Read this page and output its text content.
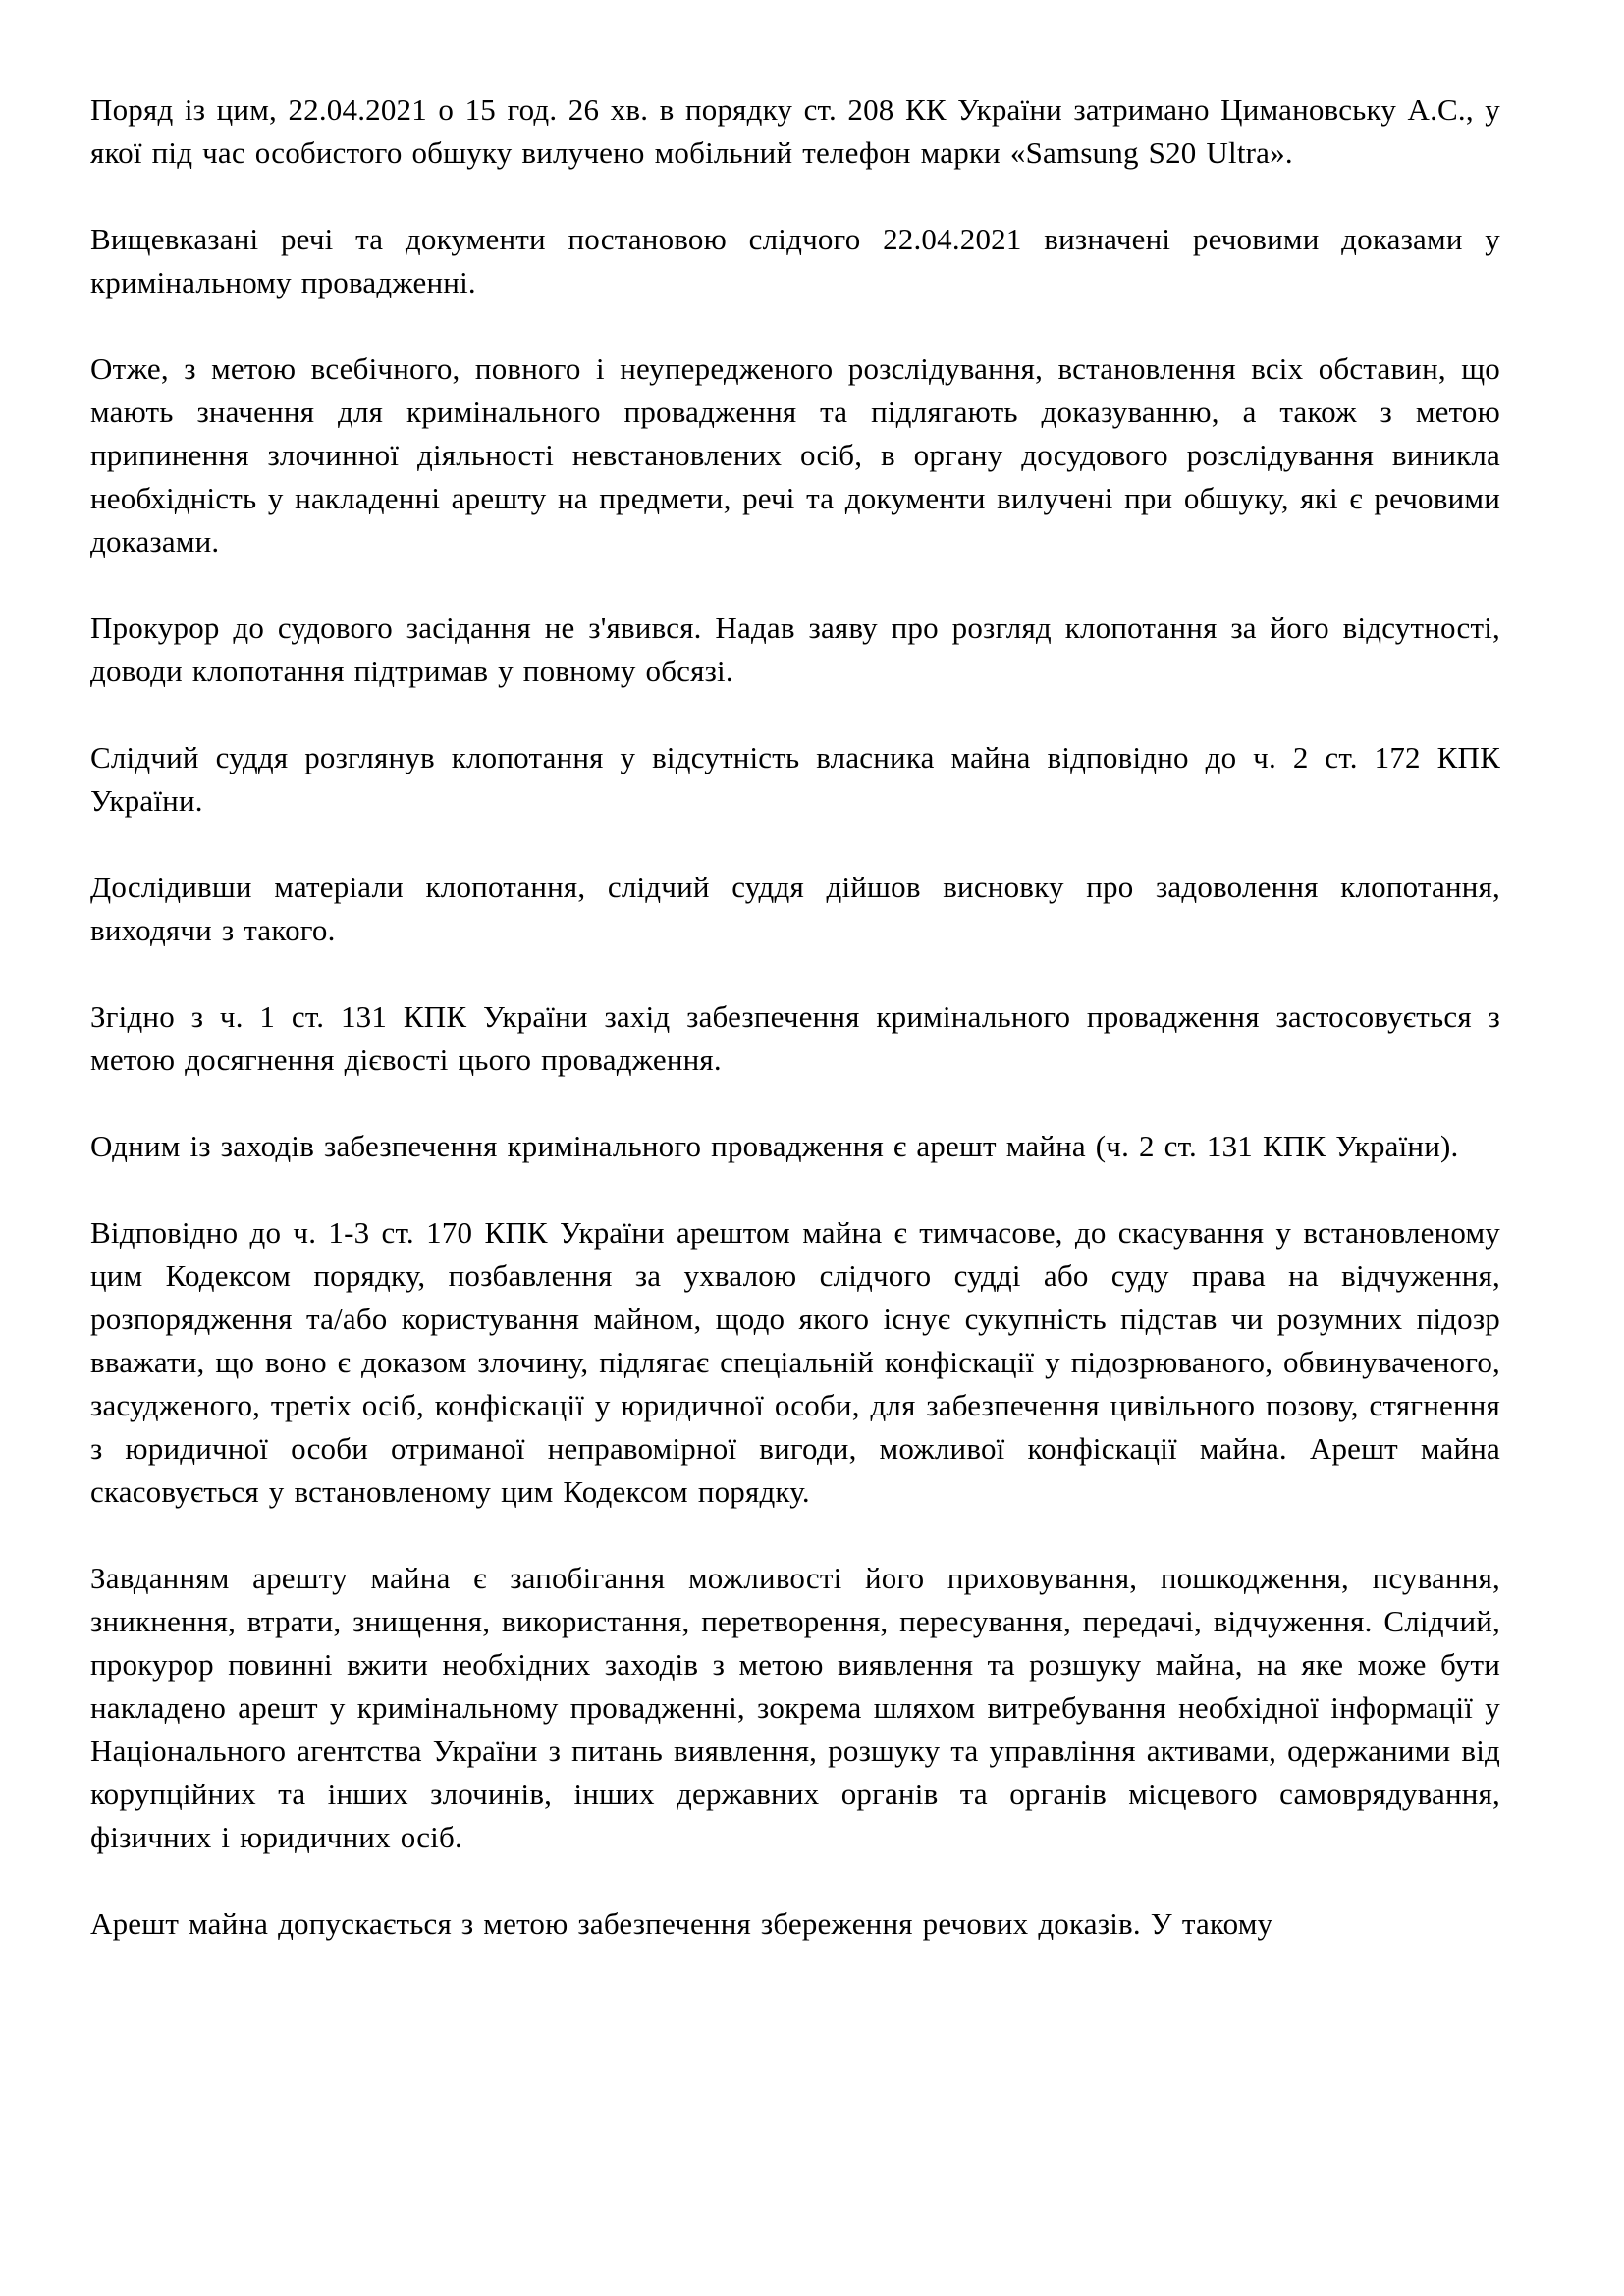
Поряд із цим, 22.04.2021 о 15 год. 26 хв. в порядку ст. 208 КК України затримано Цимановську А.С., у якої під час особистого обшуку вилучено мобільний телефон марки «Samsung S20 Ultra».

Вищевказані речі та документи постановою слідчого 22.04.2021 визначені речовими доказами у кримінальному провадженні.

Отже, з метою всебічного, повного і неупередженого розслідування, встановлення всіх обставин, що мають значення для кримінального провадження та підлягають доказуванню, а також з метою припинення злочинної діяльності невстановлених осіб, в органу досудового розслідування виникла необхідність у накладенні арешту на предмети, речі та документи вилучені при обшуку, які є речовими доказами.

Прокурор до судового засідання не з'явився. Надав заяву про розгляд клопотання за його відсутності, доводи клопотання підтримав у повному обсязі.

Слідчий суддя розглянув клопотання у відсутність власника майна відповідно до ч. 2 ст. 172 КПК України.

Дослідивши матеріали клопотання, слідчий суддя дійшов висновку про задоволення клопотання, виходячи з такого.

Згідно з ч. 1 ст. 131 КПК України захід забезпечення кримінального провадження застосовується з метою досягнення дієвості цього провадження.

Одним із заходів забезпечення кримінального провадження є арешт майна (ч. 2 ст. 131 КПК України).

Відповідно до ч. 1-3 ст. 170 КПК України арештом майна є тимчасове, до скасування у встановленому цим Кодексом порядку, позбавлення за ухвалою слідчого судді або суду права на відчуження, розпорядження та/або користування майном, щодо якого існує сукупність підстав чи розумних підозр вважати, що воно є доказом злочину, підлягає спеціальній конфіскації у підозрюваного, обвинуваченого, засудженого, третіх осіб, конфіскації у юридичної особи, для забезпечення цивільного позову, стягнення з юридичної особи отриманої неправомірної вигоди, можливої конфіскації майна. Арешт майна скасовується у встановленому цим Кодексом порядку.

Завданням арешту майна є запобігання можливості його приховування, пошкодження, псування, зникнення, втрати, знищення, використання, перетворення, пересування, передачі, відчуження. Слідчий, прокурор повинні вжити необхідних заходів з метою виявлення та розшуку майна, на яке може бути накладено арешт у кримінальному провадженні, зокрема шляхом витребування необхідної інформації у Національного агентства України з питань виявлення, розшуку та управління активами, одержаними від корупційних та інших злочинів, інших державних органів та органів місцевого самоврядування, фізичних і юридичних осіб.

Арешт майна допускається з метою забезпечення збереження речових доказів. У такому
